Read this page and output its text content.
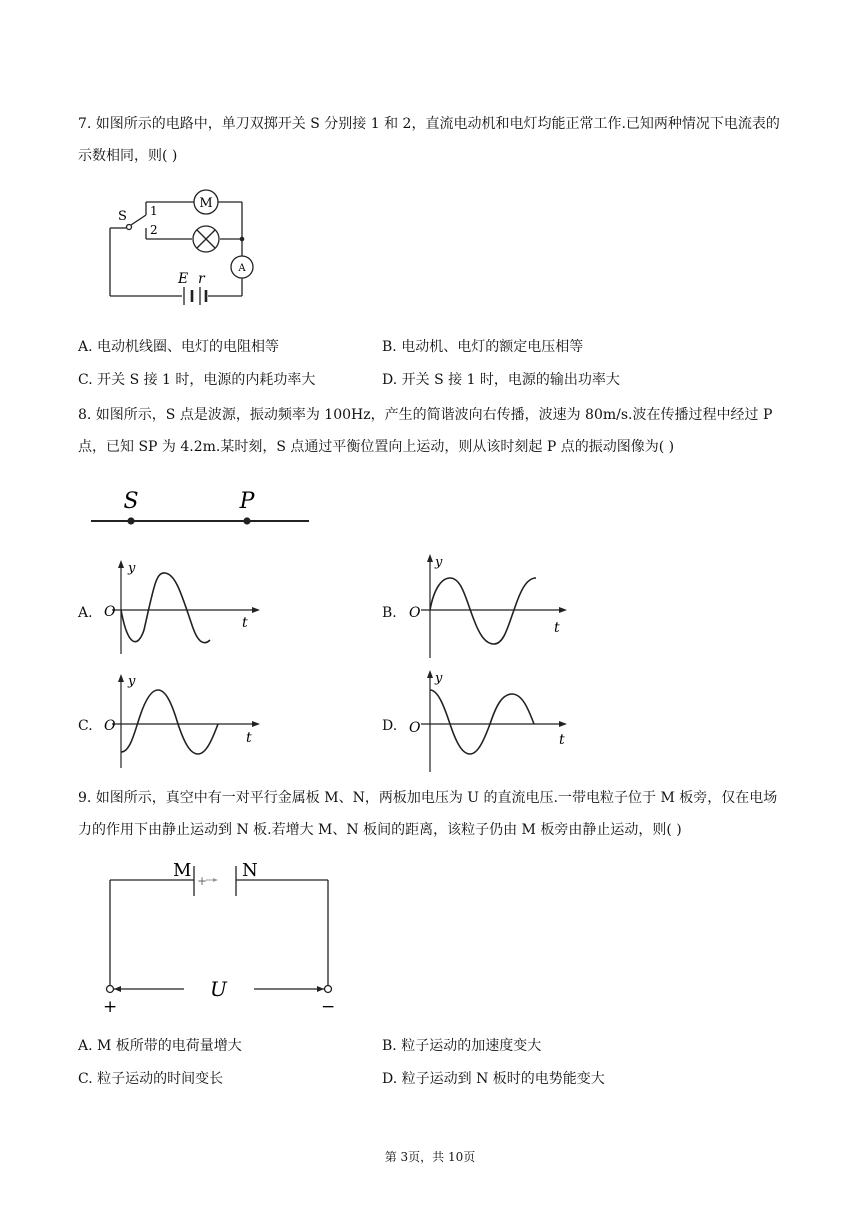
7. 如图所示的电路中，单刀双掷开关 S 分别接 1 和 2，直流电动机和电灯均能正常工作.已知两种情况下电流表的示数相同，则( )
S 1
2
M
A
E r
A. 电动机线圈、电灯的电阻相等	B. 电动机、电灯的额定电压相等
C. 开关 S 接 1 时，电源的内耗功率大	D. 开关 S 接 1 时，电源的输出功率大
8. 如图所示，S 点是波源，振动频率为 100Hz，产生的简谐波向右传播，波速为 80m/s.波在传播过程中经过 P 点，已知 SP 为 4.2m.某时刻，S 点通过平衡位置向上运动，则从该时刻起 P 点的振动图像为( )
S	P
A.
y
O
t
B.
y
O
t
C.
y
O
t
D.
y
O
t
9. 如图所示，真空中有一对平行金属板 M、N，两板加电压为 U 的直流电压.一带电粒子位于 M 板旁，仅在电场力的作用下由静止运动到 N 板.若增大 M、N 板间的距离，该粒子仍由 M 板旁由静止运动，则( )
M	N
+
U
+	−
A. M 板所带的电荷量增大	B. 粒子运动的加速度变大
C. 粒子运动的时间变长	D. 粒子运动到 N 板时的电势能变大
第 3页，共 10页
